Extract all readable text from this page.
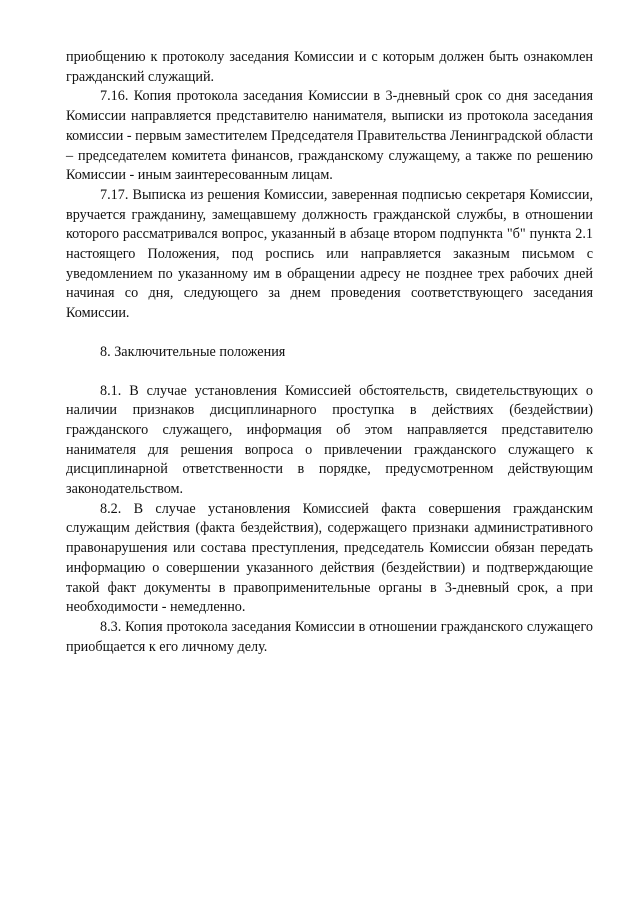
приобщению к протоколу заседания Комиссии и с которым должен быть ознакомлен гражданский служащий.

7.16. Копия протокола заседания Комиссии в 3-дневный срок со дня заседания Комиссии направляется представителю нанимателя, выписки из протокола заседания комиссии - первым заместителем Председателя Правительства Ленинградской области – председателем комитета финансов, гражданскому служащему, а также по решению Комиссии - иным заинтересованным лицам.

7.17. Выписка из решения Комиссии, заверенная подписью секретаря Комиссии, вручается гражданину, замещавшему должность гражданской службы, в отношении которого рассматривался вопрос, указанный в абзаце втором подпункта "б" пункта 2.1 настоящего Положения, под роспись или направляется заказным письмом с уведомлением по указанному им в обращении адресу не позднее трех рабочих дней начиная со дня, следующего за днем проведения соответствующего заседания Комиссии.

8. Заключительные положения

8.1. В случае установления Комиссией обстоятельств, свидетельствующих о наличии признаков дисциплинарного проступка в действиях (бездействии) гражданского служащего, информация об этом направляется представителю нанимателя для решения вопроса о привлечении гражданского служащего к дисциплинарной ответственности в порядке, предусмотренном действующим законодательством.

8.2. В случае установления Комиссией факта совершения гражданским служащим действия (факта бездействия), содержащего признаки административного правонарушения или состава преступления, председатель Комиссии обязан передать информацию о совершении указанного действия (бездействии) и подтверждающие такой факт документы в правоприменительные органы в 3-дневный срок, а при необходимости - немедленно.

8.3. Копия протокола заседания Комиссии в отношении гражданского служащего приобщается к его личному делу.
